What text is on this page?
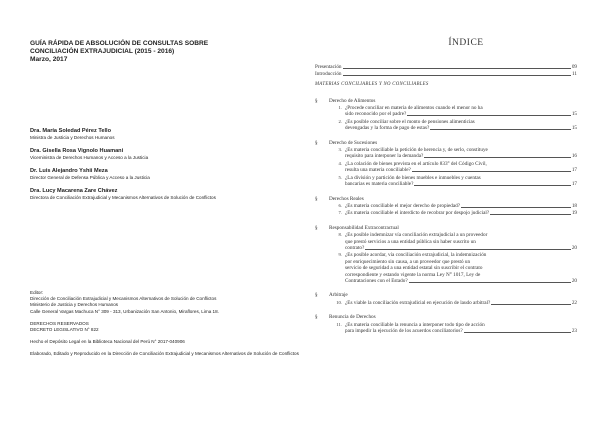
GUÍA RÁPIDA DE ABSOLUCIÓN DE CONSULTAS SOBRE
CONCILIACIÓN EXTRAJUDICIAL (2015 - 2016)
Marzo, 2017
Dra. María Soledad Pérez Tello
Ministra de Justicia y Derechos Humanos
Dra. Gisella Rosa Vignolo Huamani
Viceministra de Derechos Humanos y Acceso a la Justicia
Dr. Luis Alejandro Yshii Meza
Director General de Defensa Pública y Acceso a la Justicia
Dra. Lucy Macarena Zare Chávez
Directora de Conciliación Extrajudicial y Mecanismos Alternativos de Solución de Conflictos
Editor:
Dirección de Conciliación Extrajudicial y Mecanismos Alternativos de Solución de Conflictos
Ministerio de Justicia y Derechos Humanos
Calle General Vargas Machuca N° 309 - 313, Urbanización San Antonio, Miraflores, Lima 18.
DERECHOS RESERVADOS
DECRETO LEGISLATIVO N° 822
Hecho el Depósito Legal en la Biblioteca Nacional del Perú N° 2017-040906
Elaborado, Editado y Reproducido en la Dirección de Conciliación Extrajudicial y Mecanismos Alternativos de Solución de Conflictos
ÍNDICE
Presentación	09
Introducción	11
MATERIAS CONCILIABLES Y NO CONCILIABLES
§	Derecho de Alimentos
1. ¿Procede conciliar en materia de alimentos cuando el menor no ha
sido reconocido por el padre?	15
2. ¿Es posible conciliar sobre el monto de pensiones alimenticias
devengadas y la forma de pago de estas?	15
§	Derecho de Sucesiones
3. ¿Es materia conciliable la petición de herencia y, de serlo, constituye
requisito para interponer la demanda?	16
4. ¿La colación de bienes prevista en el artículo 833° del Código Civil,
resulta una materia conciliable?	17
5. ¿La división y partición de bienes muebles e inmuebles y cuentas
bancarias es materia conciliable?	17
§	Derechos Reales
6. ¿Es materia conciliable el mejor derecho de propiedad?	18
7. ¿Es materia conciliable el interdicto de recobrar por despojo judicial?	19
§	Responsabilidad Extracontractual
8. ¿Es posible indemnizar vía conciliación extrajudicial a un proveedor
que prestó servicios a una entidad pública sin haber suscrito un
contrato?	20
9. ¿Es posible acordar, vía conciliación extrajudicial, la indemnización
por enriquecimiento sin causa, a un proveedor que prestó un
servicio de seguridad a una entidad estatal sin suscribir el contrato
correspondiente y estando vigente la norma Ley N° 1017, Ley de
Contrataciones con el Estado?	20
§	Arbitraje
10. ¿Es viable la conciliación extrajudicial en ejecución de laudo arbitral?	22
§	Renuncia de Derechos
11. ¿Es materia conciliable la renuncia a interponer todo tipo de acción
para impedir la ejecución de los acuerdos conciliatorios?	23
